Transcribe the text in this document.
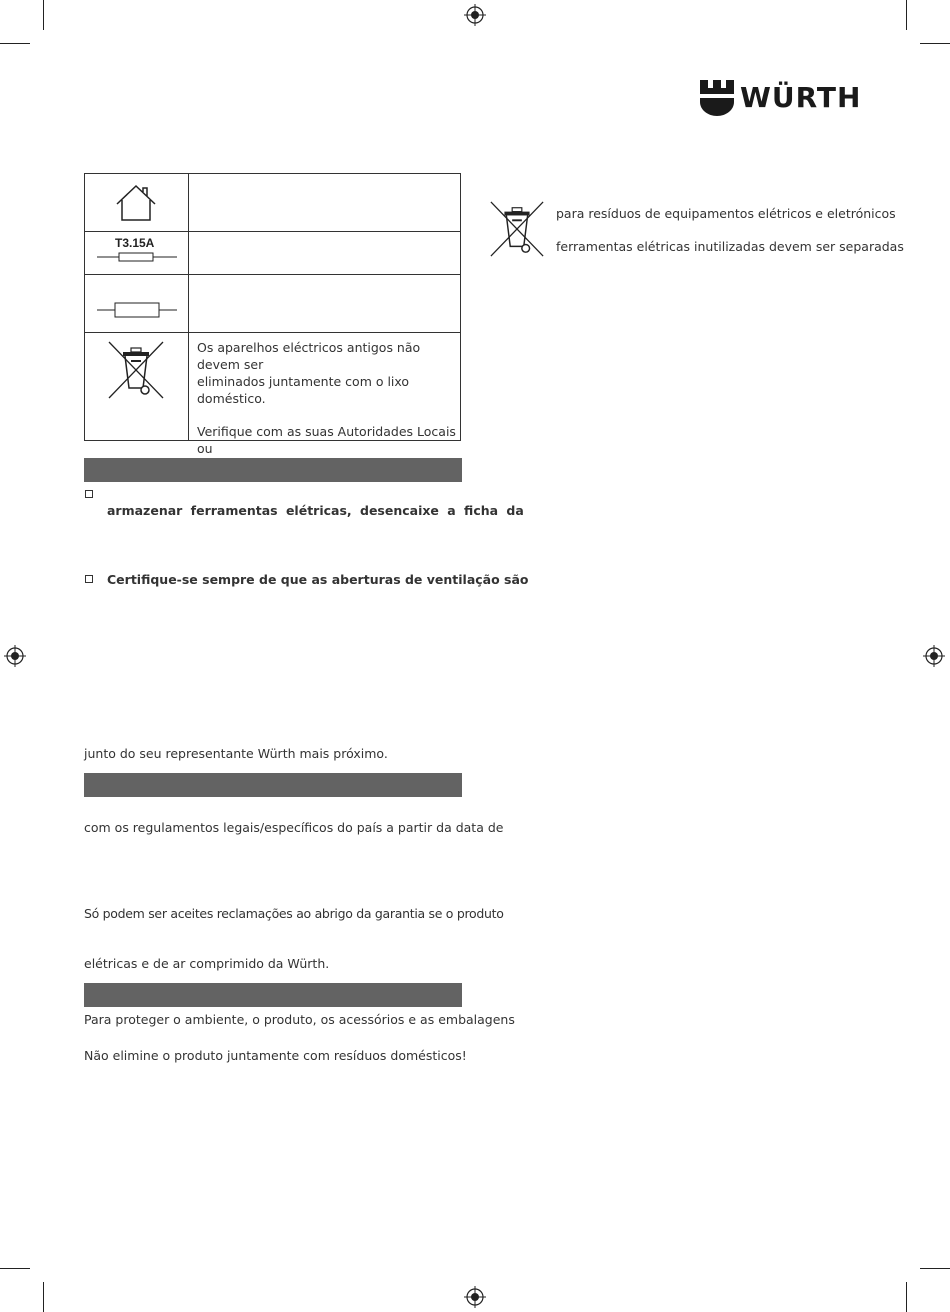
WÜRTH
T3.15A

Os aparelhos eléctricos antigos não devem ser

eliminados juntamente com o lixo doméstico.

Verifique com as suas Autoridades Locais ou

para resíduos de equipamentos elétricos e eletrónicos
ferramentas elétricas inutilizadas devem ser separadas
armazenar ferramentas elétricas, desencaixe a ficha da
Certifique-se sempre de que as aberturas de ventilação são
junto do seu representante Würth mais próximo.
com os regulamentos legais/específicos do país a partir da data de
Só podem ser aceites reclamações ao abrigo da garantia se o produto
elétricas e de ar comprimido da Würth.
Para proteger o ambiente, o produto, os acessórios e as embalagens
Não elimine o produto juntamente com resíduos domésticos!
